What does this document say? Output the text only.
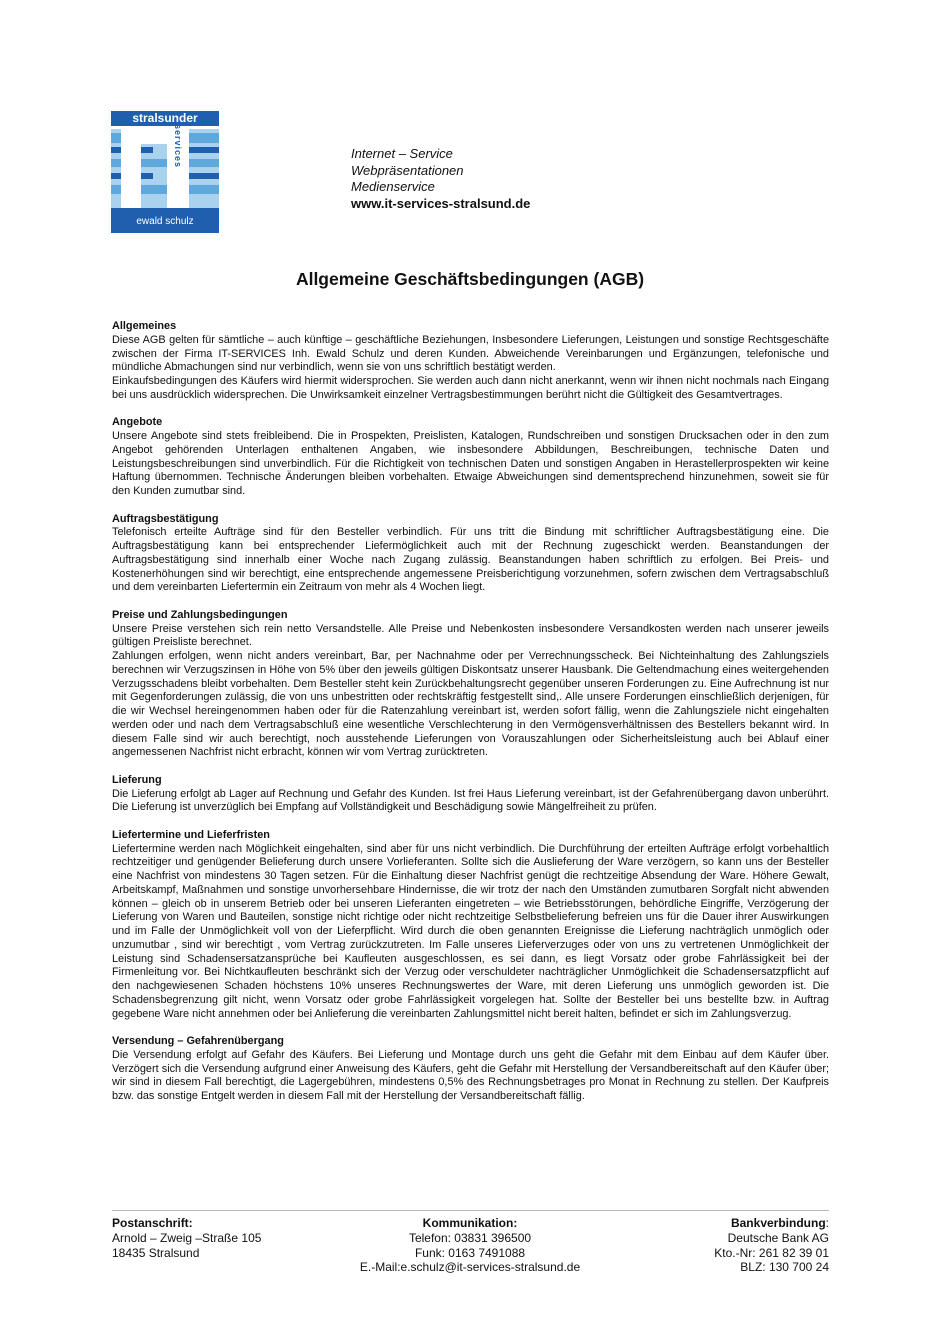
stralsunder
services
ewald schulz
Internet – Service
Webpräsentationen
Medienservice
www.it-services-stralsund.de
Allgemeine Geschäftsbedingungen (AGB)
Allgemeines

Diese AGB gelten für sämtliche – auch künftige – geschäftliche Beziehungen, Insbesondere Lieferungen, Leistungen und sonstige Rechtsgeschäfte zwischen der Firma IT-SERVICES Inh. Ewald Schulz und deren Kunden. Abweichende Vereinbarungen und Ergänzungen, telefonische und mündliche Abmachungen sind nur verbindlich, wenn sie von uns schriftlich bestätigt werden.

Einkaufsbedingungen des Käufers wird hiermit widersprochen. Sie werden auch dann nicht anerkannt, wenn wir ihnen nicht nochmals nach Eingang bei uns ausdrücklich widersprechen. Die Unwirksamkeit einzelner Vertragsbestimmungen berührt nicht die Gültigkeit des Gesamtvertrages.

Angebote

Unsere Angebote sind stets freibleibend. Die in Prospekten, Preislisten, Katalogen, Rundschreiben und sonstigen Drucksachen oder in den zum Angebot gehörenden Unterlagen enthaltenen Angaben, wie insbesondere Abbildungen, Beschreibungen, technische Daten und Leistungsbeschreibungen sind unverbindlich. Für die Richtigkeit von technischen Daten und sonstigen Angaben in Herastellerprospekten wir keine Haftung übernommen. Technische Änderungen bleiben vorbehalten. Etwaige Abweichungen sind dementsprechend hinzunehmen, soweit sie für den Kunden zumutbar sind.

Auftragsbestätigung

Telefonisch erteilte Aufträge sind für den Besteller verbindlich. Für uns tritt die Bindung mit schriftlicher Auftragsbestätigung eine. Die Auftragsbestätigung kann bei entsprechender Liefermöglichkeit auch mit der Rechnung zugeschickt werden. Beanstandungen der Auftragsbestätigung sind innerhalb einer Woche nach Zugang zulässig. Beanstandungen haben schriftlich zu erfolgen. Bei Preis- und Kostenerhöhungen sind wir berechtigt, eine entsprechende angemessene Preisberichtigung vorzunehmen, sofern zwischen dem Vertragsabschluß und dem vereinbarten Liefertermin ein Zeitraum von mehr als 4 Wochen liegt.

Preise und Zahlungsbedingungen

Unsere Preise verstehen sich rein netto Versandstelle. Alle Preise und Nebenkosten insbesondere Versandkosten werden nach unserer jeweils gültigen Preisliste berechnet.

Zahlungen erfolgen, wenn nicht anders vereinbart, Bar, per Nachnahme oder per Verrechnungsscheck. Bei Nichteinhaltung des Zahlungsziels berechnen wir Verzugszinsen in Höhe von 5% über den jeweils gültigen Diskontsatz unserer Hausbank. Die Geltendmachung eines weitergehenden Verzugsschadens bleibt vorbehalten. Dem Besteller steht kein Zurückbehaltungsrecht gegenüber unseren Forderungen zu. Eine Aufrechnung ist nur mit Gegenforderungen zulässig, die von uns unbestritten oder rechtskräftig festgestellt sind,. Alle unsere Forderungen einschließlich derjenigen, für die wir Wechsel hereingenommen haben oder für die Ratenzahlung vereinbart ist, werden sofort fällig, wenn die Zahlungsziele nicht eingehalten werden oder und nach dem Vertragsabschluß eine wesentliche Verschlechterung in den Vermögensverhältnissen des Bestellers bekannt wird. In diesem Falle sind wir auch berechtigt, noch ausstehende Lieferungen von Vorauszahlungen oder Sicherheitsleistung auch bei Ablauf einer angemessenen Nachfrist nicht erbracht, können wir vom Vertrag zurücktreten.

Lieferung

Die Lieferung erfolgt ab Lager auf Rechnung und Gefahr des Kunden. Ist frei Haus Lieferung vereinbart, ist der Gefahrenübergang davon unberührt. Die Lieferung ist unverzüglich bei Empfang auf Vollständigkeit und Beschädigung sowie Mängelfreiheit zu prüfen.

Liefertermine und Lieferfristen

Liefertermine werden nach Möglichkeit eingehalten, sind aber für uns nicht verbindlich. Die Durchführung der erteilten Aufträge erfolgt vorbehaltlich rechtzeitiger und genügender Belieferung durch unsere Vorlieferanten. Sollte sich die Auslieferung der Ware verzögern, so kann uns der Besteller eine Nachfrist von mindestens 30 Tagen setzen. Für die Einhaltung dieser Nachfrist genügt die rechtzeitige Absendung der Ware. Höhere Gewalt, Arbeitskampf, Maßnahmen und sonstige unvorhersehbare Hindernisse, die wir trotz der nach den Umständen zumutbaren Sorgfalt nicht abwenden können – gleich ob in unserem Betrieb oder bei unseren Lieferanten eingetreten – wie Betriebsstörungen, behördliche Eingriffe, Verzögerung der Lieferung von Waren und Bauteilen, sonstige nicht richtige oder nicht rechtzeitige Selbstbelieferung befreien uns für die Dauer ihrer Auswirkungen und im Falle der Unmöglichkeit voll von der Lieferpflicht. Wird durch die oben genannten Ereignisse die Lieferung nachträglich unmöglich oder unzumutbar , sind wir berechtigt , vom Vertrag zurückzutreten. Im Falle unseres Lieferverzuges oder von uns zu vertretenen Unmöglichkeit der Leistung sind Schadensersatzansprüche bei Kaufleuten ausgeschlossen, es sei dann, es liegt Vorsatz oder grobe Fahrlässigkeit bei der Firmenleitung vor. Bei Nichtkaufleuten beschränkt sich der Verzug oder verschuldeter nachträglicher Unmöglichkeit die Schadensersatzpflicht auf den nachgewiesenen Schaden höchstens 10% unseres Rechnungswertes der Ware, mit deren Lieferung uns unmöglich geworden ist. Die Schadensbegrenzung gilt nicht, wenn Vorsatz oder grobe Fahrlässigkeit vorgelegen hat. Sollte der Besteller bei uns bestellte bzw. in Auftrag gegebene Ware nicht annehmen oder bei Anlieferung die vereinbarten Zahlungsmittel nicht bereit halten, befindet er sich im Zahlungsverzug.

Versendung – Gefahrenübergang

Die Versendung erfolgt auf Gefahr des Käufers. Bei Lieferung und Montage durch uns geht die Gefahr mit dem Einbau auf dem Käufer über. Verzögert sich die Versendung aufgrund einer Anweisung des Käufers, geht die Gefahr mit Herstellung der Versandbereitschaft auf den Käufer über; wir sind in diesem Fall berechtigt, die Lagergebühren, mindestens 0,5% des Rechnungsbetrages pro Monat in Rechnung zu stellen. Der Kaufpreis bzw. das sonstige Entgelt werden in diesem Fall mit der Herstellung der Versandbereitschaft fällig.

Postanschrift:
Arnold – Zweig –Straße 105
18435 Stralsund
Kommunikation:
Telefon: 03831 396500
Funk: 0163 7491088
E.-Mail:e.schulz@it-services-stralsund.de
Bankverbindung:
Deutsche Bank AG
Kto.-Nr: 261 82 39 01
BLZ: 130 700 24
